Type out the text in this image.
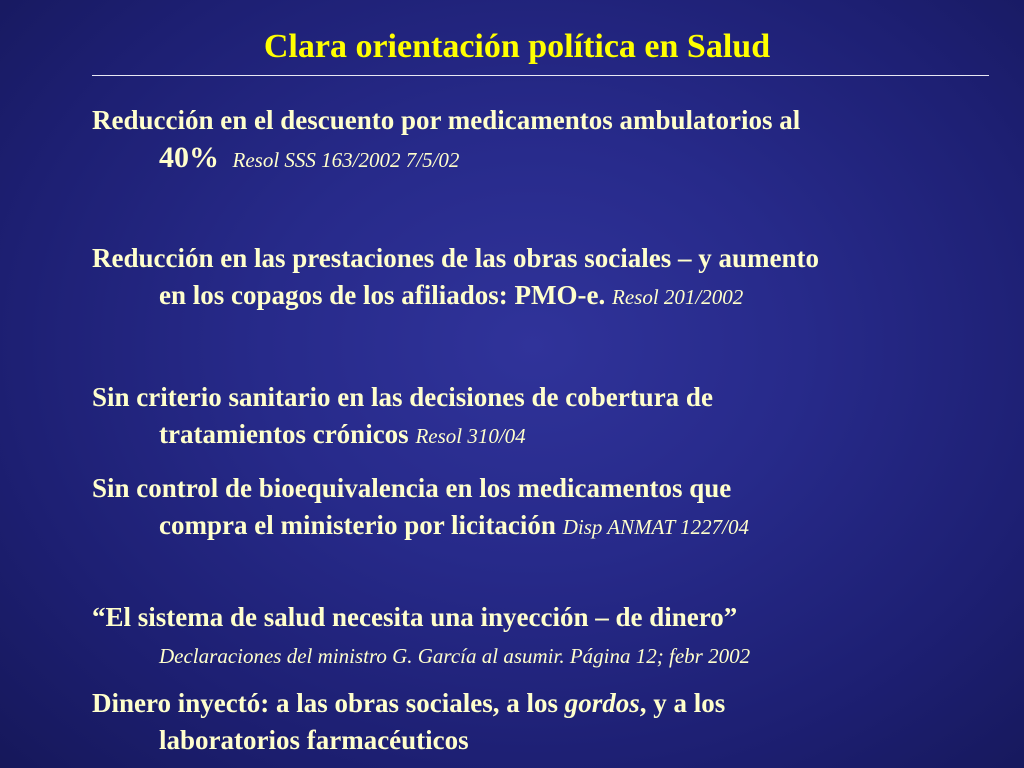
Clara orientación política en Salud
Reducción en el descuento por medicamentos ambulatorios al
40% Resol SSS 163/2002 7/5/02
Reducción en las prestaciones de las obras sociales – y aumento
en los copagos de los afiliados: PMO-e. Resol 201/2002
Sin criterio sanitario en las decisiones de cobertura de
tratamientos crónicos Resol 310/04
Sin control de bioequivalencia en los medicamentos que
compra el ministerio por licitación Disp ANMAT 1227/04
“El sistema de salud necesita una inyección – de dinero”
Declaraciones del ministro G. García al asumir. Página 12; febr 2002
Dinero inyectó: a las obras sociales, a los gordos, y a los
laboratorios farmacéuticos
